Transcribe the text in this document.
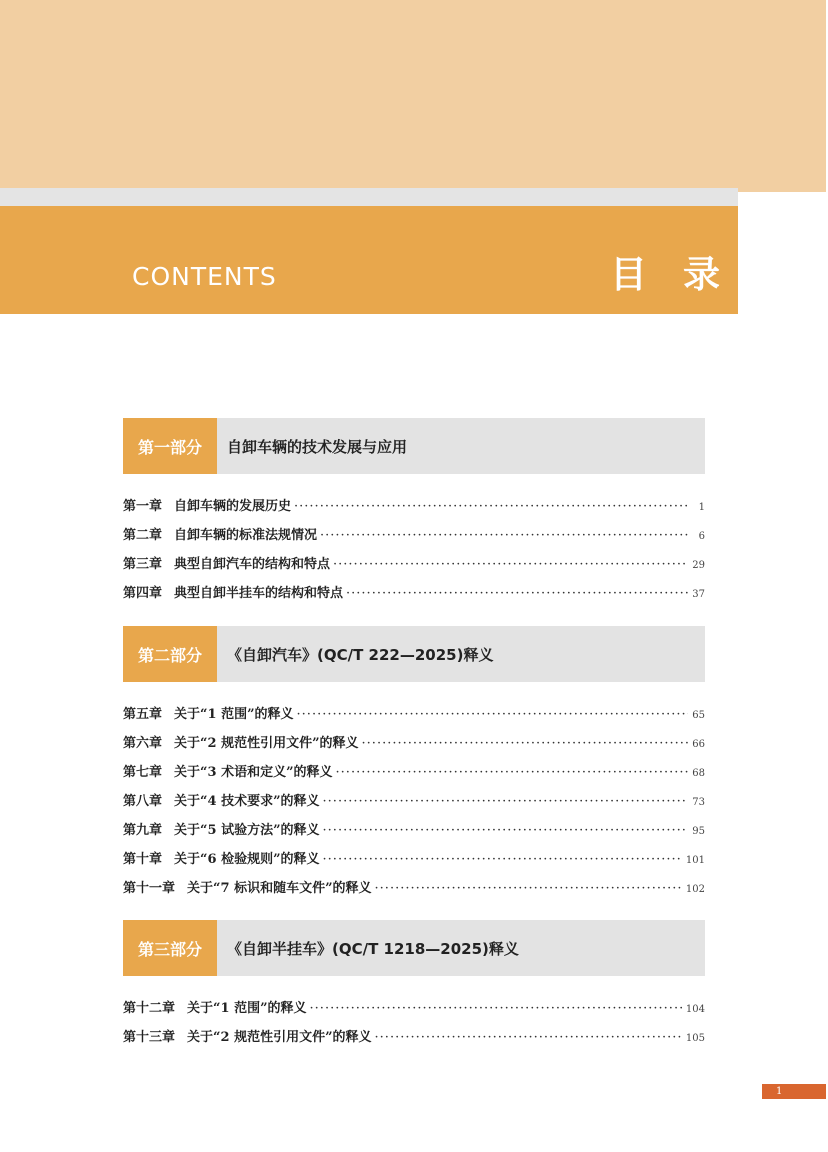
CONTENTS	目录
第一部分	自卸车辆的技术发展与应用
第一章 自卸车辆的发展历史 ·····	1
第二章 自卸车辆的标准法规情况 ·····	6
第三章 典型自卸汽车的结构和特点 ·····	29
第四章 典型自卸半挂车的结构和特点 ·····	37
第二部分	《自卸汽车》(QC/T 222—2025)释义
第五章 关于“1 范围”的释义 ·····	65
第六章 关于“2 规范性引用文件”的释义 ·····	66
第七章 关于“3 术语和定义”的释义 ·····	68
第八章 关于“4 技术要求”的释义 ·····	73
第九章 关于“5 试验方法”的释义 ·····	95
第十章 关于“6 检验规则”的释义 ·····	101
第十一章 关于“7 标识和随车文件”的释义 ·····	102
第三部分	《自卸半挂车》(QC/T 1218—2025)释义
第十二章 关于“1 范围”的释义 ·····	104
第十三章 关于“2 规范性引用文件”的释义 ·····	105
1
